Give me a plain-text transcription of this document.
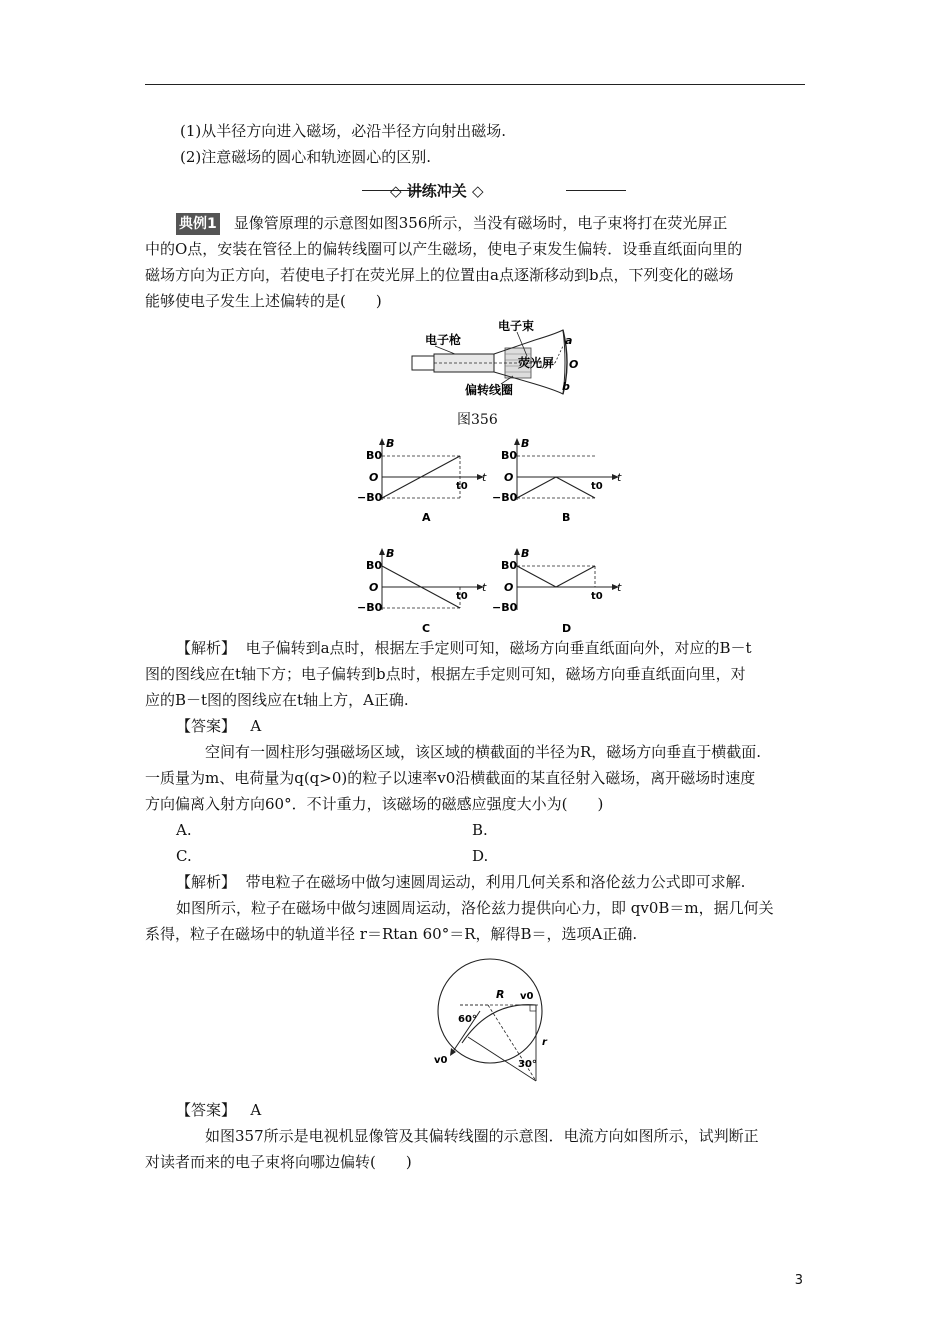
(1)从半径方向进入磁场，必沿半径方向射出磁场.
(2)注意磁场的圆心和轨迹圆心的区别.
◇ 讲练冲关 ◇
典例1 显像管原理的示意图如图356所示，当没有磁场时，电子束将打在荧光屏正
中的O点，安装在管径上的偏转线圈可以产生磁场，使电子束发生偏转．设垂直纸面向里的
磁场方向为正方向，若使电子打在荧光屏上的位置由a点逐渐移动到b点，下列变化的磁场
能够使电子发生上述偏转的是(　　)
电子枪
电子束
荧光屏
偏转线圈
a
O
b
图356
B
B0
O
−B0
t0
t
A
B
B0
O
−B0
t0
t
B
B
B0
O
−B0
t0
t
C
B
B0
O
−B0
t0
t
D
【解析】 电子偏转到a点时，根据左手定则可知，磁场方向垂直纸面向外，对应的B－t
图的图线应在t轴下方；电子偏转到b点时，根据左手定则可知，磁场方向垂直纸面向里，对
应的B－t图的图线应在t轴上方，A正确.
【答案】 A
空间有一圆柱形匀强磁场区域，该区域的横截面的半径为R，磁场方向垂直于横截面.
一质量为m、电荷量为q(q>0)的粒子以速率v0沿横截面的某直径射入磁场，离开磁场时速度
方向偏离入射方向60°．不计重力，该磁场的磁感应强度大小为(　　)
A.	B.
C.	D.
【解析】 带电粒子在磁场中做匀速圆周运动，利用几何关系和洛伦兹力公式即可求解.
如图所示，粒子在磁场中做匀速圆周运动，洛伦兹力提供向心力，即 qv0B＝m，据几何关
系得，粒子在磁场中的轨道半径 r＝Rtan 60°＝R，解得B＝，选项A正确.
R v0
60°
30°
r
v0
【答案】 A
如图357所示是电视机显像管及其偏转线圈的示意图．电流方向如图所示，试判断正
对读者而来的电子束将向哪边偏转(　　)
3
